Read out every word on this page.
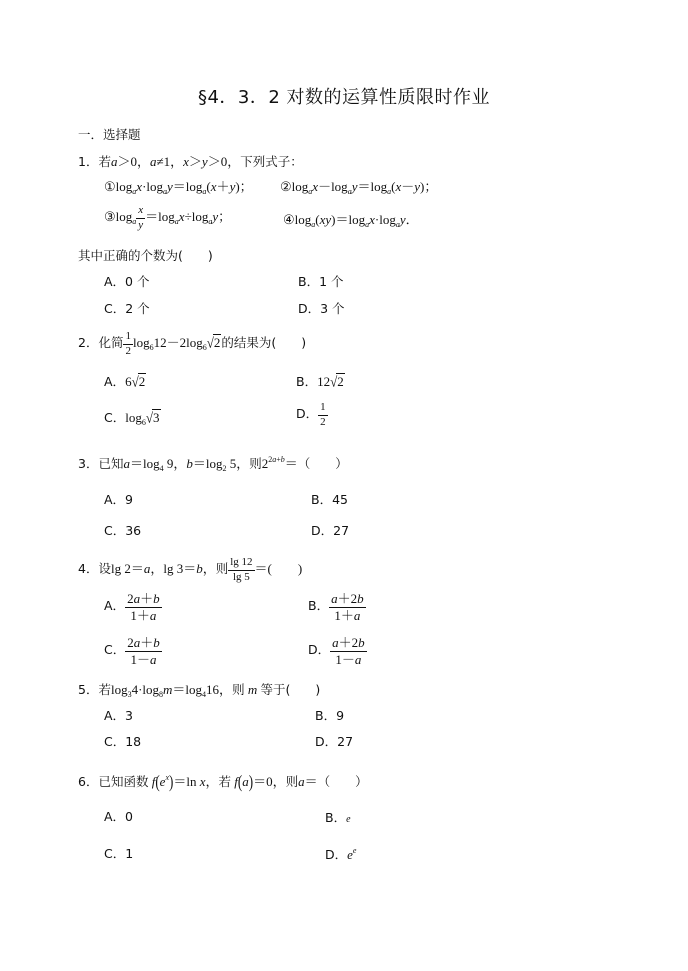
§4．3．2 对数的运算性质限时作业
一．选择题
1．若a＞0，a≠1，x＞y＞0，下列式子：
$①\log_ax\cdot\log_ay=\log_a(x+y)$； $②\log_ax-\log_ay=\log_a(x-y)$；
$③\log_a \frac{x}{y} =\log_ax\div\log_ay$；	$④\log_a(xy)=\log_ax\cdot\log_ay$．
其中正确的个数为(　　)
A．0 个	B．1 个
C．2 个	D．3 个
2．化简 $\frac{1}{2} \log_612-2\log_6√2$的结果为(　　)
A．6√2	B．12√2
C．$\log_6√3$	D． $\frac{1}{2}$
3．已知$a=\log_4$ 9，$b=\log_2$ 5，则$2^{2a+b}=$（　　）
A．9	B．45
C．36	D．27
4．设lg 2＝a，lg 3＝b，则 $\frac{\lg 12}{\lg 5}$ ＝(　　)
A． $\frac{2a+b}{1+a}$	B． $\frac{a+2b}{1+a}$
C． $\frac{2a+b}{1-a}$	D． $\frac{a+2b}{1-a}$
5．若$\log_34\cdot\log_8m=\log_416$，则 m 等于(　　)
A．3	B．9
C．18	D．27
6．已知函数 $f(e^x)=\ln$ x，若 f(a)＝0，则a＝（　　）
A．0	B．e
C．1	D．$e^e$
